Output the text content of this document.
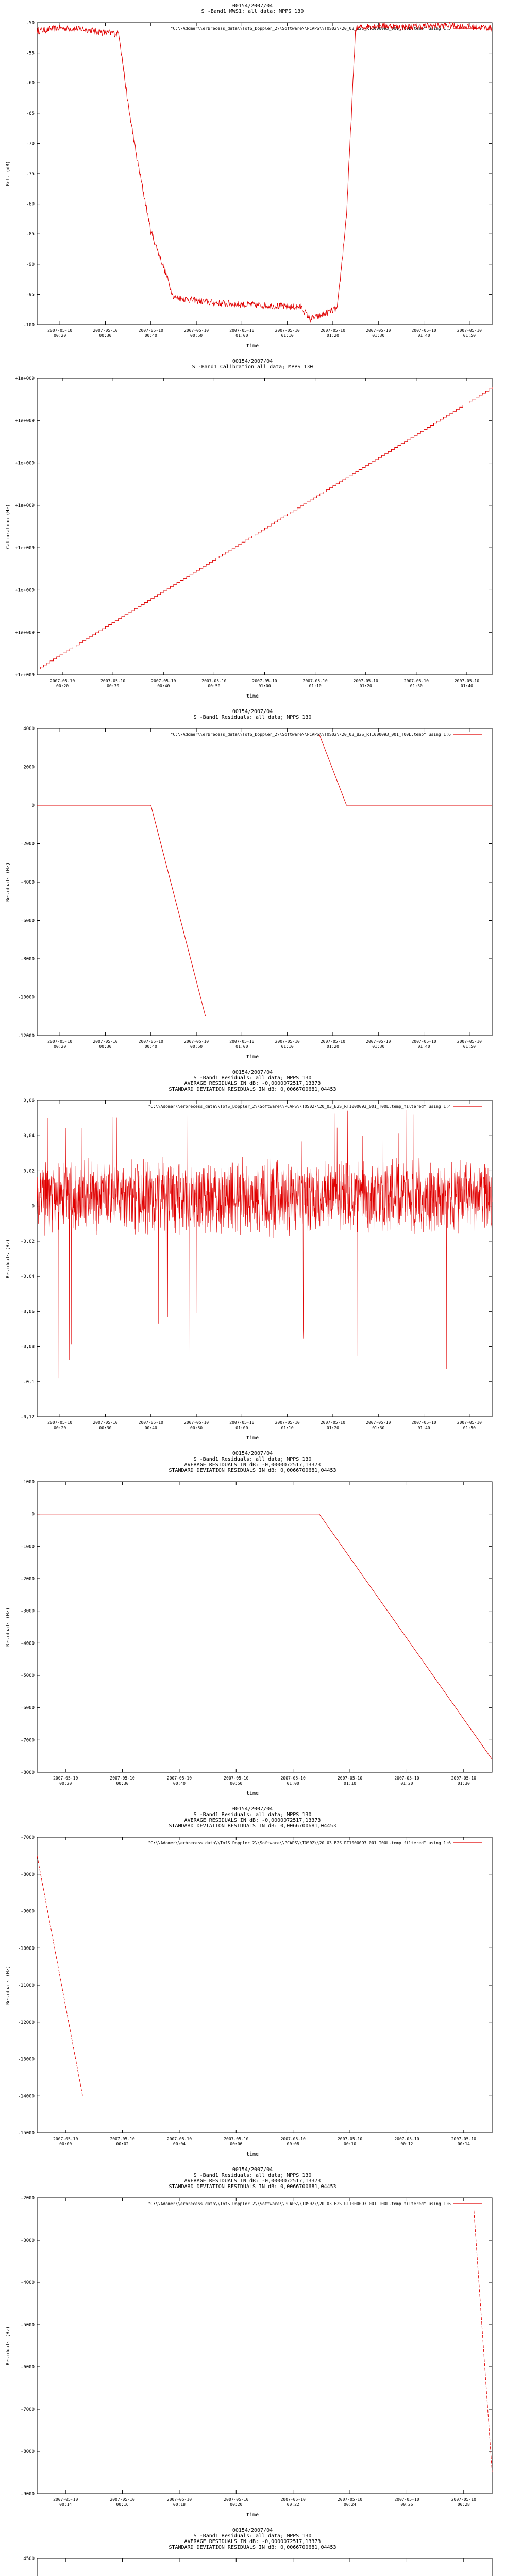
00154/2007/04
S -Band1 MWS1: all data; MPPS 130
"C:\\Adomer\\erbrecess_data\\TofS_Doppler_2\\Software\\PCAPS\\TOS02\\20_03_B2S_RT1000093_001_T00L.temp" using 1:5
-50
-55
-60
-65
-70
-75
-80
-85
-90
-95
-100
2007-05-10
00:20
2007-05-10
00:30
2007-05-10
00:40
2007-05-10
00:50
2007-05-10
01:00
2007-05-10
01:10
2007-05-10
01:20
2007-05-10
01:30
2007-05-10
01:40
2007-05-10
01:50
time
Rel. (dB)
00154/2007/04
S -Band1 Calibration all data; MPPS 130
+1e+009
+1e+009
+1e+009
+1e+009
+1e+009
+1e+009
+1e+009
+1e+009
2007-05-10
00:20
2007-05-10
00:30
2007-05-10
00:40
2007-05-10
00:50
2007-05-10
01:00
2007-05-10
01:10
2007-05-10
01:20
2007-05-10
01:30
2007-05-10
01:40
time
Calibration (Hz)
00154/2007/04
S -Band1 Residuals: all data; MPPS 130
"C:\\Adomer\\erbrecess_data\\TofS_Doppler_2\\Software\\PCAPS\\TOS02\\20_03_B2S_RT1000093_001_T00L.temp" using 1:6
4000
2000
0
-2000
-4000
-6000
-8000
-10000
-12000
2007-05-10
00:20
2007-05-10
00:30
2007-05-10
00:40
2007-05-10
00:50
2007-05-10
01:00
2007-05-10
01:10
2007-05-10
01:20
2007-05-10
01:30
2007-05-10
01:40
2007-05-10
01:50
time
Residuals (Hz)
00154/2007/04
S -Band1 Residuals: all data; MPPS 130
AVERAGE RESIDUALS IN dB: -0,0000072517,13373
STANDARD DEVIATION RESIDUALS IN dB: 0,0066700681,04453
"C:\\Adomer\\erbrecess_data\\TofS_Doppler_2\\Software\\PCAPS\\TOS02\\20_03_B2S_RT1000093_001_T00L.temp_filtered" using 1:4
0,06
0,04
0,02
0
-0,02
-0,04
-0,06
-0,08
-0,1
-0,12
2007-05-10
00:20
2007-05-10
00:30
2007-05-10
00:40
2007-05-10
00:50
2007-05-10
01:00
2007-05-10
01:10
2007-05-10
01:20
2007-05-10
01:30
2007-05-10
01:40
2007-05-10
01:50
time
Residuals (Hz)
00154/2007/04
S -Band1 Residuals: all data; MPPS 130
AVERAGE RESIDUALS IN dB: -0,0000072517,13373
STANDARD DEVIATION RESIDUALS IN dB: 0,0066700681,04453
1000
0
-1000
-2000
-3000
-4000
-5000
-6000
-7000
-8000
2007-05-10
00:20
2007-05-10
00:30
2007-05-10
00:40
2007-05-10
00:50
2007-05-10
01:00
2007-05-10
01:10
2007-05-10
01:20
2007-05-10
01:30
time
Residuals (Hz)
00154/2007/04
S -Band1 Residuals: all data; MPPS 130
AVERAGE RESIDUALS IN dB: -0,0000072517,13373
STANDARD DEVIATION RESIDUALS IN dB: 0,0066700681,04453
"C:\\Adomer\\erbrecess_data\\TofS_Doppler_2\\Software\\PCAPS\\TOS02\\20_03_B2S_RT1000093_001_T00L.temp_filtered" using 1:6
-7000
-8000
-9000
-10000
-11000
-12000
-13000
-14000
-15000
2007-05-10
00:00
2007-05-10
00:02
2007-05-10
00:04
2007-05-10
00:06
2007-05-10
00:08
2007-05-10
00:10
2007-05-10
00:12
2007-05-10
00:14
time
Residuals (Hz)
00154/2007/04
S -Band1 Residuals: all data; MPPS 130
AVERAGE RESIDUALS IN dB: -0,0000072517,13373
STANDARD DEVIATION RESIDUALS IN dB: 0,0066700681,04453
"C:\\Adomer\\erbrecess_data\\TofS_Doppler_2\\Software\\PCAPS\\TOS02\\20_03_B2S_RT1000093_001_T00L.temp_filtered" using 1:6
-2000
-3000
-4000
-5000
-6000
-7000
-8000
-9000
2007-05-10
00:14
2007-05-10
00:16
2007-05-10
00:18
2007-05-10
00:20
2007-05-10
00:22
2007-05-10
00:24
2007-05-10
00:26
2007-05-10
00:28
time
Residuals (Hz)
00154/2007/04
S -Band1 Residuals: all data; MPPS 130
AVERAGE RESIDUALS IN dB: -0,0000072517,13373
STANDARD DEVIATION RESIDUALS IN dB: 0,0066700681,04453
4500
